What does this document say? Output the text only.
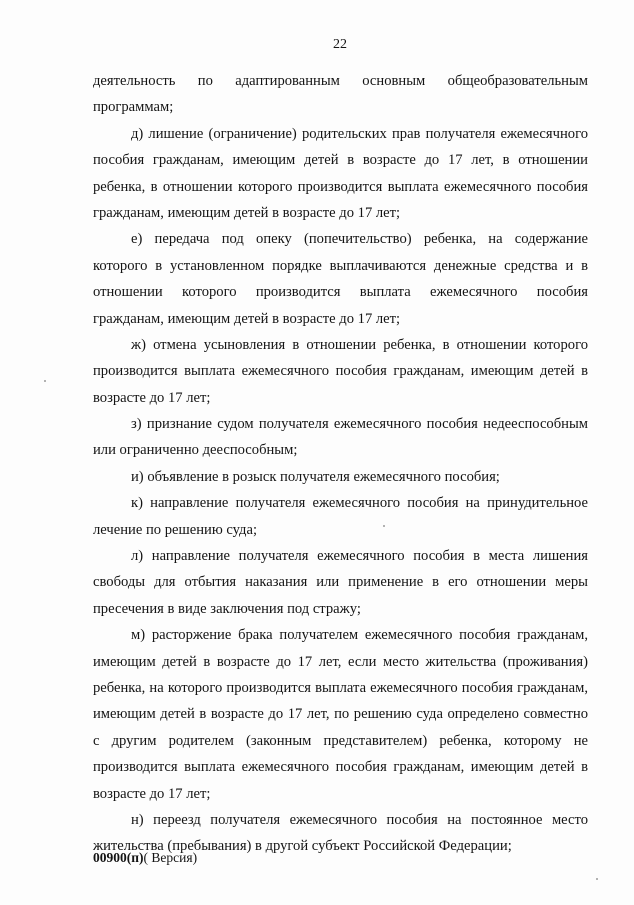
22
деятельность по адаптированным основным общеобразовательным
программам;
д) лишение (ограничение) родительских прав получателя ежемесячного
пособия гражданам, имеющим детей в возрасте до 17 лет, в отношении
ребенка, в отношении которого производится выплата ежемесячного пособия
гражданам, имеющим детей в возрасте до 17 лет;
е) передача под опеку (попечительство) ребенка, на содержание
которого в установленном порядке выплачиваются денежные средства и в
отношении которого производится выплата ежемесячного пособия
гражданам, имеющим детей в возрасте до 17 лет;
ж) отмена усыновления в отношении ребенка, в отношении которого
производится выплата ежемесячного пособия гражданам, имеющим детей в
возрасте до 17 лет;
з) признание судом получателя ежемесячного пособия недееспособным
или ограниченно дееспособным;
и) объявление в розыск получателя ежемесячного пособия;
к) направление получателя ежемесячного пособия на принудительное
лечение по решению суда;
л) направление получателя ежемесячного пособия в места лишения
свободы для отбытия наказания или применение в его отношении меры
пресечения в виде заключения под стражу;
м) расторжение брака получателем ежемесячного пособия гражданам,
имеющим детей в возрасте до 17 лет, если место жительства (проживания)
ребенка, на которого производится выплата ежемесячного пособия гражданам,
имеющим детей в возрасте до 17 лет, по решению суда определено совместно
с другим родителем (законным представителем) ребенка, которому не
производится выплата ежемесячного пособия гражданам, имеющим детей в
возрасте до 17 лет;
н) переезд получателя ежемесячного пособия на постоянное место
жительства (пребывания) в другой субъект Российской Федерации;
00900(п)( Версия)
